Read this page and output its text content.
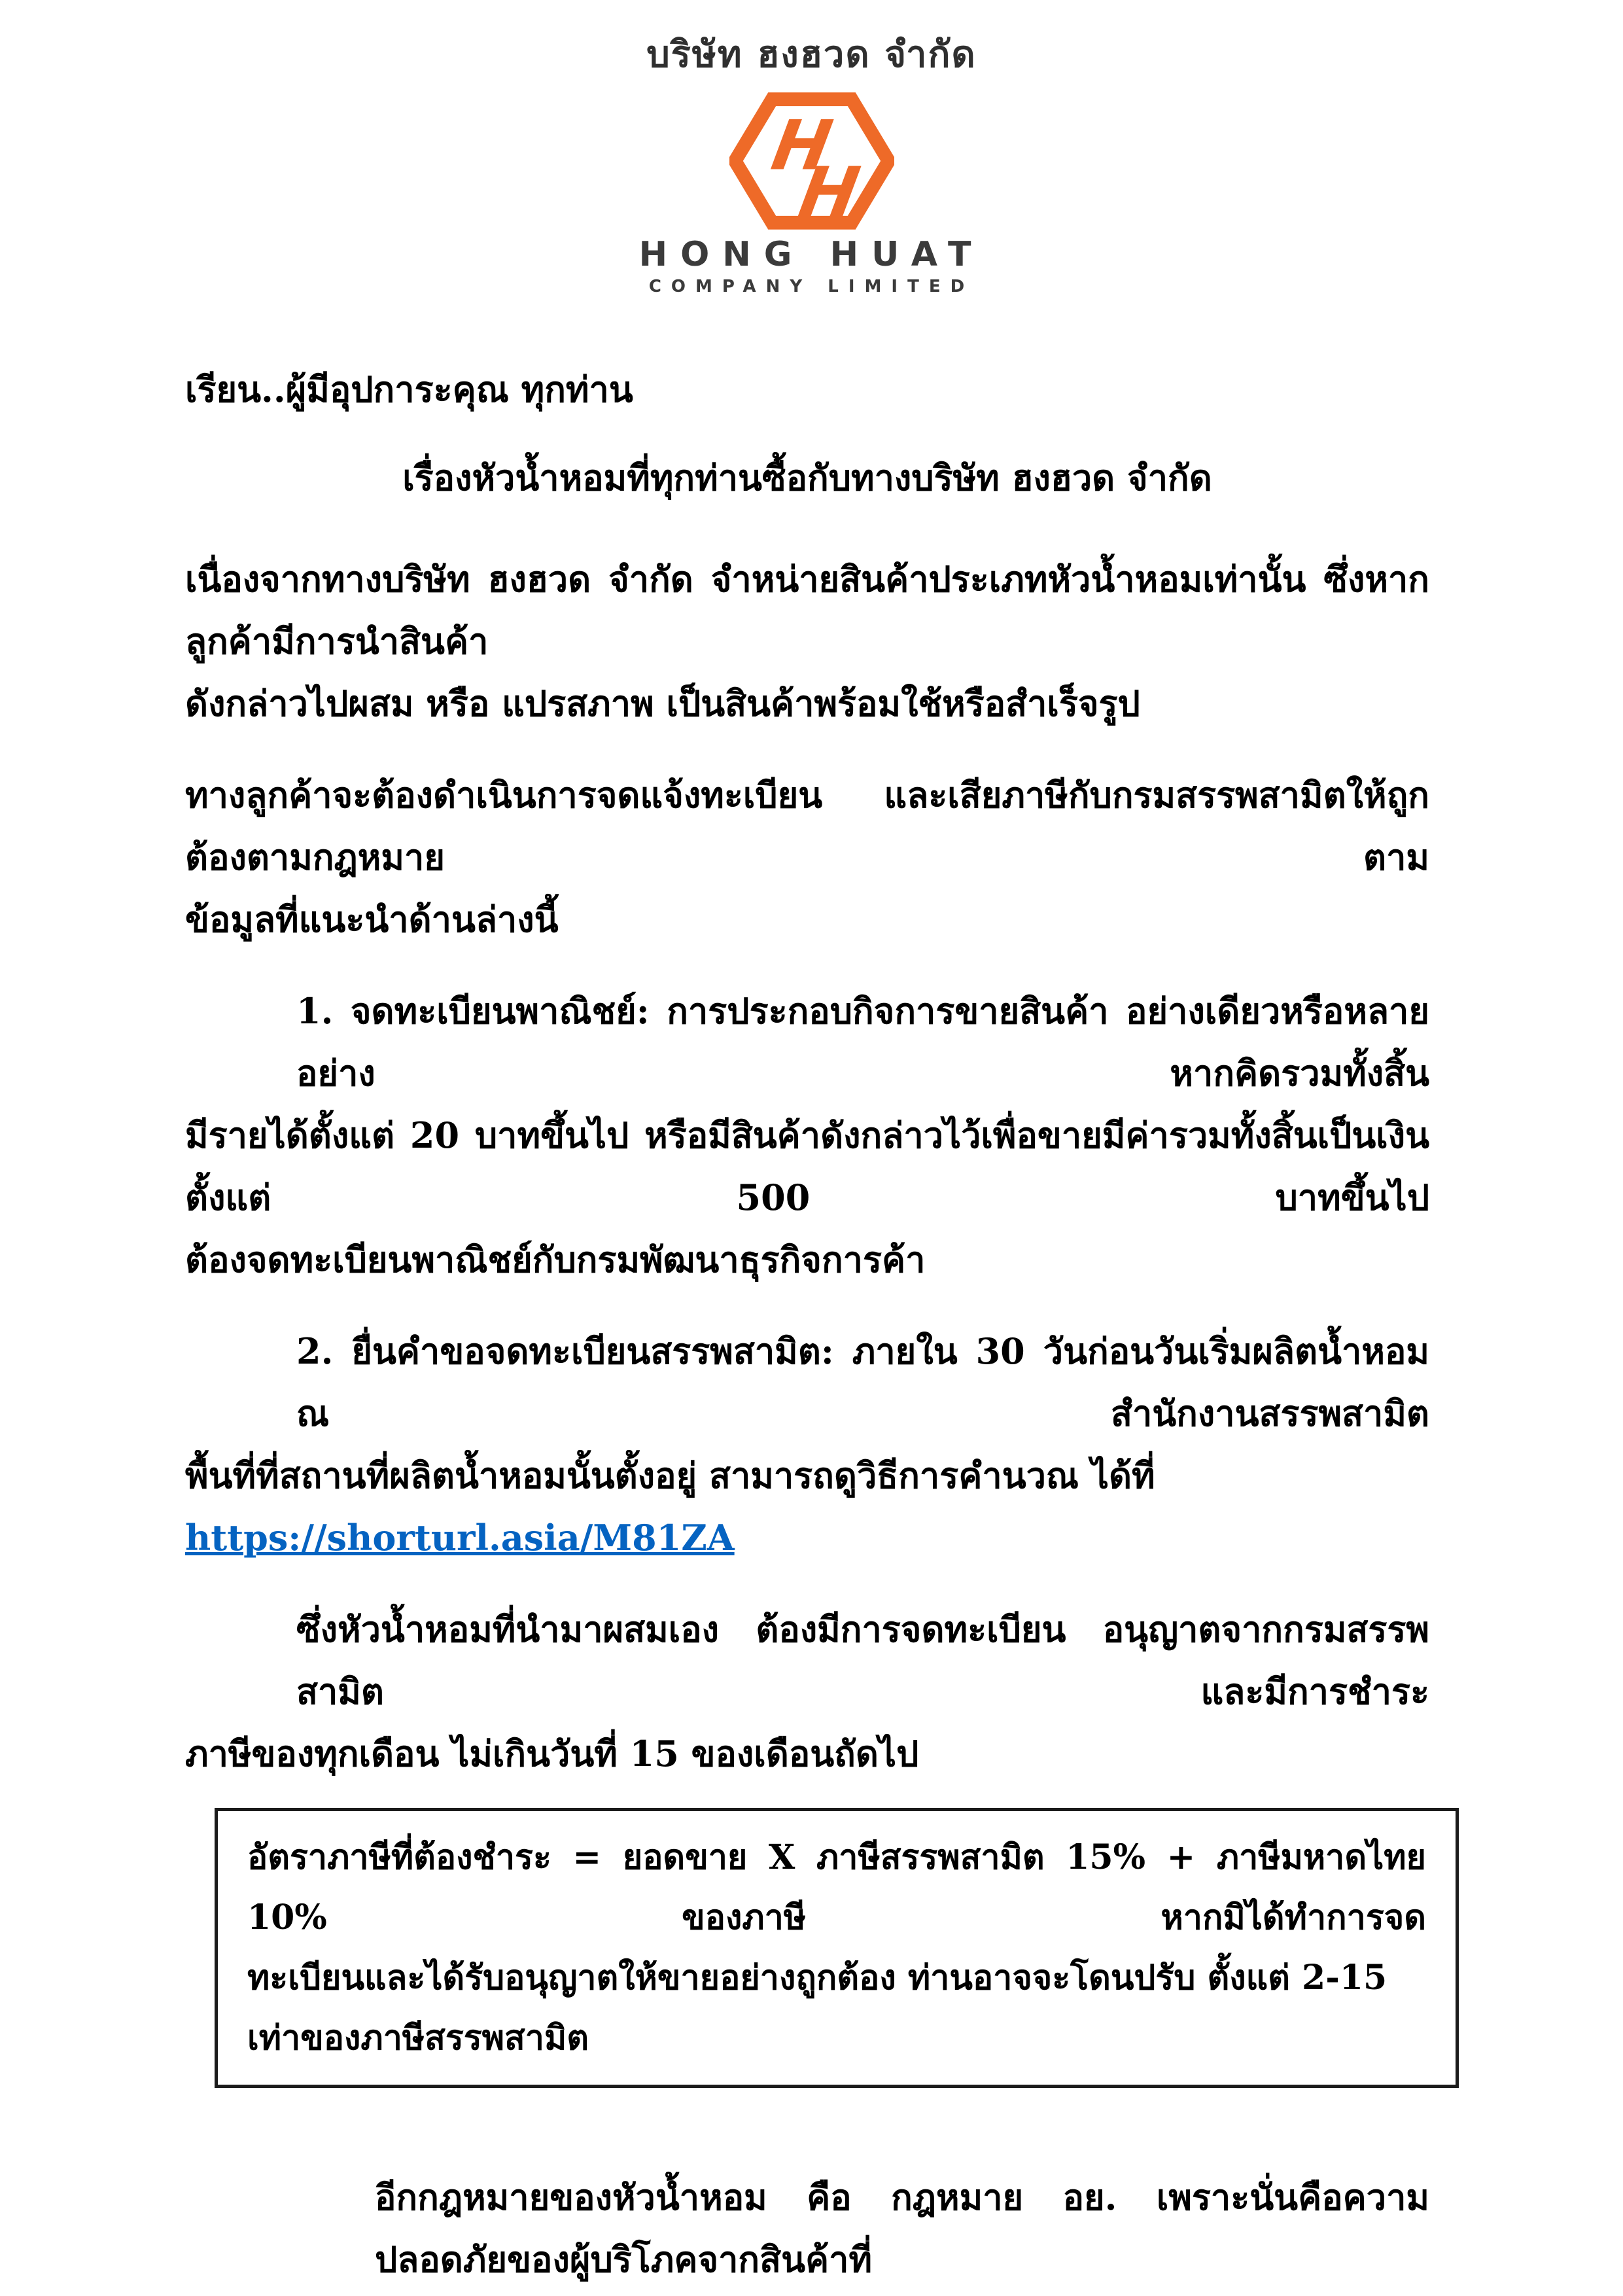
บริษัท ฮงฮวด จำกัด
H
H
HONG HUAT
COMPANY LIMITED
เรียน..ผู้มีอุปการะคุณ ทุกท่าน
เรื่องหัวน้ำหอมที่ทุกท่านซื้อกับทางบริษัท ฮงฮวด จำกัด
เนื่องจากทางบริษัท ฮงฮวด จำกัด จำหน่ายสินค้าประเภทหัวน้ำหอมเท่านั้น ซึ่งหากลูกค้ามีการนำสินค้า
ดังกล่าวไปผสม หรือ แปรสภาพ เป็นสินค้าพร้อมใช้หรือสำเร็จรูป
ทางลูกค้าจะต้องดำเนินการจดแจ้งทะเบียน และเสียภาษีกับกรมสรรพสามิตให้ถูกต้องตามกฎหมาย ตาม
ข้อมูลที่แนะนำด้านล่างนี้
1. จดทะเบียนพาณิชย์: การประกอบกิจการขายสินค้า อย่างเดียวหรือหลายอย่าง หากคิดรวมทั้งสิ้น
มีรายได้ตั้งแต่ 20 บาทขึ้นไป หรือมีสินค้าดังกล่าวไว้เพื่อขายมีค่ารวมทั้งสิ้นเป็นเงินตั้งแต่ 500 บาทขึ้นไป
ต้องจดทะเบียนพาณิชย์กับกรมพัฒนาธุรกิจการค้า
2. ยื่นคำขอจดทะเบียนสรรพสามิต: ภายใน 30 วันก่อนวันเริ่มผลิตน้ำหอม ณ สำนักงานสรรพสามิต
พื้นที่ที่สถานที่ผลิตน้ำหอมนั้นตั้งอยู่ สามารถดูวิธีการคำนวณ ได้ที่ https://shorturl.asia/M81ZA
ซึ่งหัวน้ำหอมที่นำมาผสมเอง ต้องมีการจดทะเบียน อนุญาตจากกรมสรรพสามิต และมีการชำระ
ภาษีของทุกเดือน ไม่เกินวันที่ 15 ของเดือนถัดไป
อัตราภาษีที่ต้องชำระ = ยอดขาย X ภาษีสรรพสามิต 15% + ภาษีมหาดไทย 10% ของภาษี หากมิได้ทำการจด
ทะเบียนและได้รับอนุญาตให้ขายอย่างถูกต้อง ท่านอาจจะโดนปรับ ตั้งแต่ 2-15 เท่าของภาษีสรรพสามิต
อีกกฎหมายของหัวน้ำหอม คือ กฎหมาย อย. เพราะนั่นคือความปลอดภัยของผู้บริโภคจากสินค้าที่
